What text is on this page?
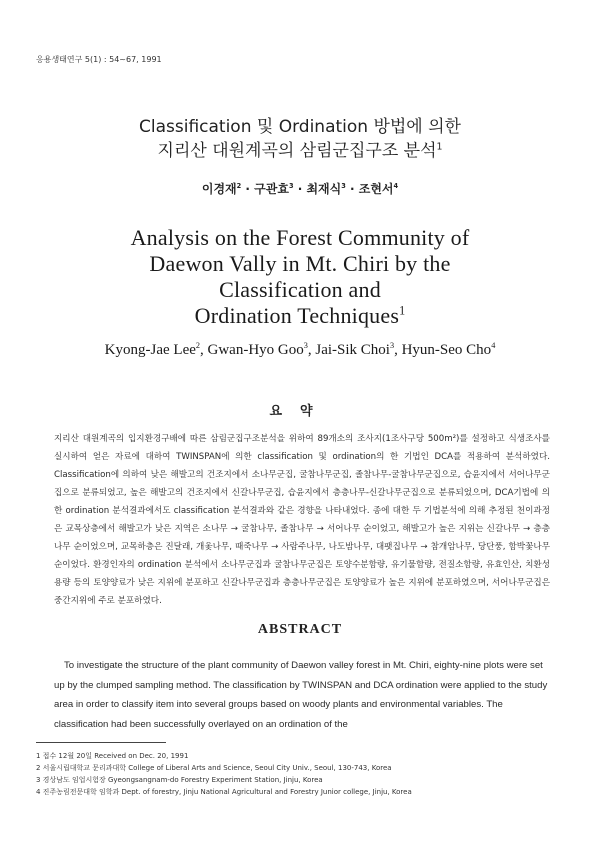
응용생태연구 5(1) : 54~67, 1991
Classification 및 Ordination 방법에 의한
지리산 대원계곡의 삼림군집구조 분석$^1$
이경재$^2$ · 구관효$^3$ · 최재식$^3$ · 조현서$^4$
Analysis on the Forest Community of
Daewon Vally in Mt. Chiri by the
Classification and
Ordination Techniques$^1$
Kyong-Jae Lee$^2$, Gwan-Hyo Goo$^3$, Jai-Sik Choi$^3$, Hyun-Seo Cho$^4$
요약

지리산 대원계곡의 입지환경구배에 따른 삼림군집구조분석을 위하여 89개소의 조사지(1조사구당 500m²)를 설정하고 식생조사를 실시하여 얻은 자료에 대하여 TWINSPAN에 의한 classification 및 ordination의 한 기법인 DCA를 적용하여 분석하였다. Classification에 의하여 낮은 해발고의 건조지에서 소나무군집, 굴참나무군집, 졸참나무-굴참나무군집으로, 습윤지에서 서어나무군집으로 분류되었고, 높은 해발고의 건조지에서 신갈나무군집, 습윤지에서 층층나무-신갈나무군집으로 분류되었으며, DCA기법에 의한 ordination 분석결과에서도 classification 분석결과와 같은 경향을 나타내었다. 종에 대한 두 기법분석에 의해 추정된 천이과정은 교목상층에서 해발고가 낮은 지역은 소나무 → 굴참나무, 졸참나무 → 서어나무 순이었고, 해발고가 높은 지위는 신갈나무 → 층층나무 순이었으며, 교목하층은 진달래, 개옻나무, 때죽나무 → 사람주나무, 나도밤나무, 대팻집나무 → 참개암나무, 당단풍, 함박꽃나무 순이었다. 환경인자의 ordination 분석에서 소나무군집과 굴참나무군집은 토양수분함량, 유기물함량, 전질소함량, 유효인산, 치환성용량 등의 토양양료가 낮은 지위에 분포하고 신갈나무군집과 층층나무군집은 토양양료가 높은 지위에 분포하였으며, 서어나무군집은 중간지위에 주로 분포하였다.

ABSTRACT

To investigate the structure of the plant community of Daewon valley forest in Mt. Chiri, eighty-nine plots were set up by the clumped sampling method. The classification by TWINSPAN and DCA ordination were applied to the study area in order to classify item into several groups based on woody plants and environmental variables. The classification had been successfully overlayed on an ordination of the

1 접수 12월 20일 Received on Dec. 20, 1991
2 서울시립대학교 문리과대학 College of Liberal Arts and Science, Seoul City Univ., Seoul, 130-743, Korea
3 경상남도 임업시험장 Gyeongsangnam-do Forestry Experiment Station, Jinju, Korea
4 진주농림전문대학 임학과 Dept. of forestry, Jinju National Agricultural and Forestry Junior college, Jinju, Korea
